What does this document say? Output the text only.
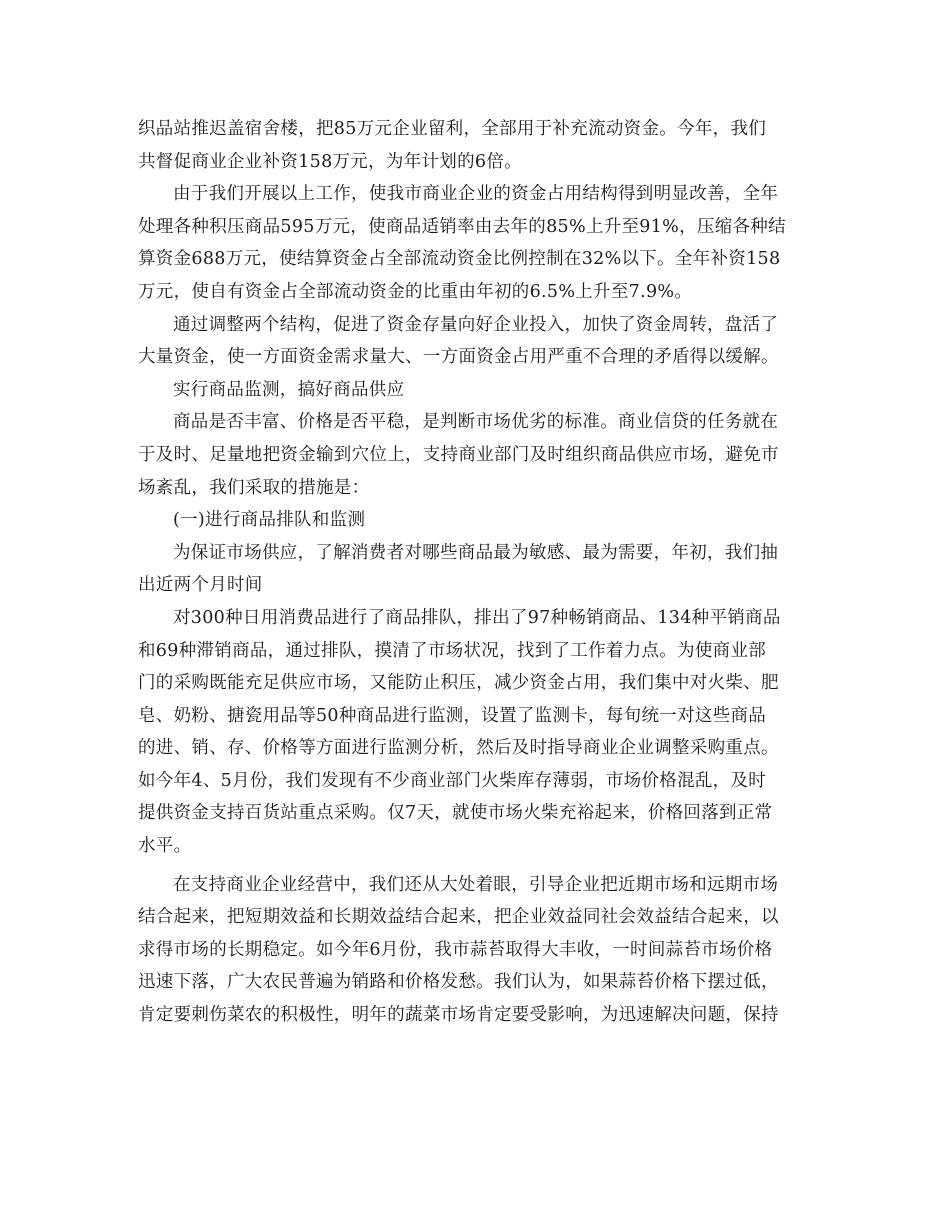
织品站推迟盖宿舍楼，把85万元企业留利，全部用于补充流动资金。今年，我们

共督促商业企业补资158万元，为年计划的6倍。

由于我们开展以上工作，使我市商业企业的资金占用结构得到明显改善，全年

处理各种积压商品595万元，使商品适销率由去年的85%上升至91%，压缩各种结

算资金688万元，使结算资金占全部流动资金比例控制在32%以下。全年补资158

万元，使自有资金占全部流动资金的比重由年初的6.5%上升至7.9%。

通过调整两个结构，促进了资金存量向好企业投入，加快了资金周转，盘活了

大量资金，使一方面资金需求量大、一方面资金占用严重不合理的矛盾得以缓解。

实行商品监测，搞好商品供应

商品是否丰富、价格是否平稳，是判断市场优劣的标准。商业信贷的任务就在

于及时、足量地把资金输到穴位上，支持商业部门及时组织商品供应市场，避免市

场紊乱，我们采取的措施是：

(一)进行商品排队和监测

为保证市场供应，了解消费者对哪些商品最为敏感、最为需要，年初，我们抽

出近两个月时间

对300种日用消费品进行了商品排队，排出了97种畅销商品、134种平销商品

和69种滞销商品，通过排队，摸清了市场状况，找到了工作着力点。为使商业部

门的采购既能充足供应市场，又能防止积压，减少资金占用，我们集中对火柴、肥

皂、奶粉、搪瓷用品等50种商品进行监测，设置了监测卡，每旬统一对这些商品

的进、销、存、价格等方面进行监测分析，然后及时指导商业企业调整采购重点。

如今年4、5月份，我们发现有不少商业部门火柴库存薄弱，市场价格混乱，及时

提供资金支持百货站重点采购。仅7天，就使市场火柴充裕起来，价格回落到正常

水平。

在支持商业企业经营中，我们还从大处着眼，引导企业把近期市场和远期市场

结合起来，把短期效益和长期效益结合起来，把企业效益同社会效益结合起来，以

求得市场的长期稳定。如今年6月份，我市蒜苔取得大丰收，一时间蒜苔市场价格

迅速下落，广大农民普遍为销路和价格发愁。我们认为，如果蒜苔价格下摆过低，

肯定要刺伤菜农的积极性，明年的蔬菜市场肯定要受影响，为迅速解决问题，保持
